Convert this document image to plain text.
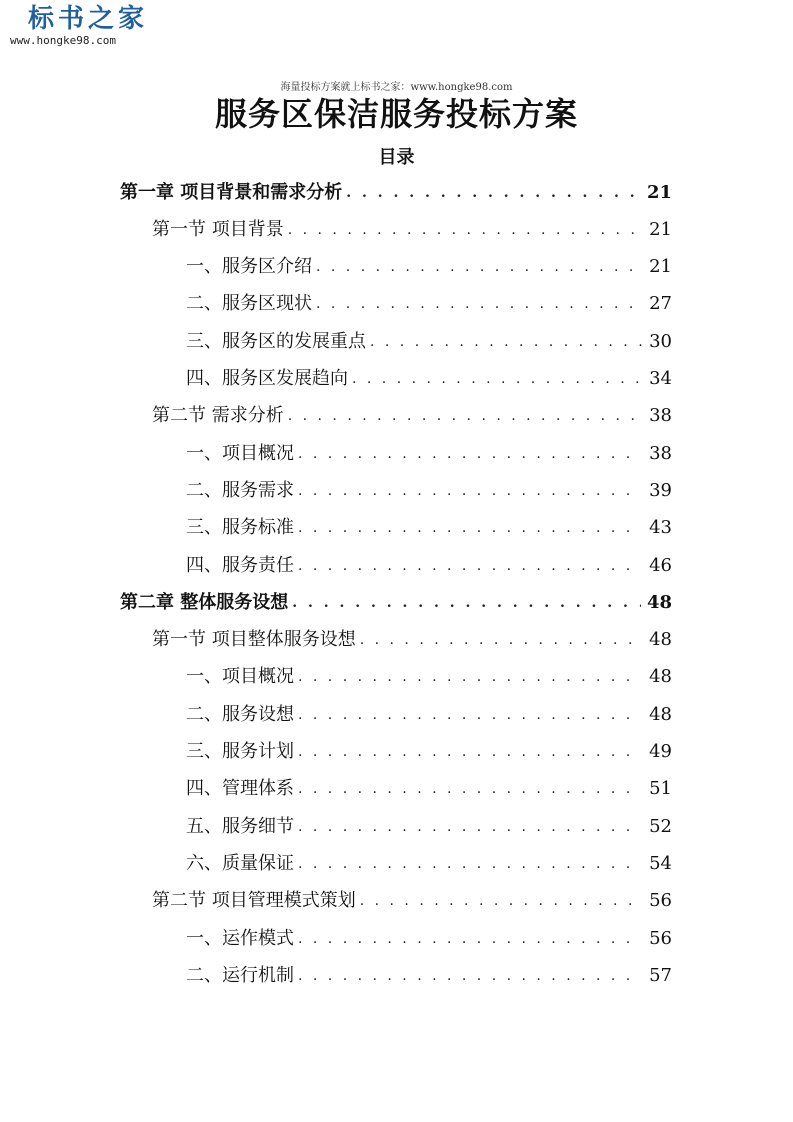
标书之家
www.hongke98.com
海量投标方案就上标书之家：www.hongke98.com
服务区保洁服务投标方案
目录
第一章 项目背景和需求分析 . . .	21
第一节 项目背景 . . .	21
一、服务区介绍 . . .	21
二、服务区现状 . . .	27
三、服务区的发展重点 . . .	30
四、服务区发展趋向 . . .	34
第二节 需求分析 . . .	38
一、项目概况 . . .	38
二、服务需求 . . .	39
三、服务标准 . . .	43
四、服务责任 . . .	46
第二章 整体服务设想 . . .	48
第一节 项目整体服务设想 . . .	48
一、项目概况 . . .	48
二、服务设想 . . .	48
三、服务计划 . . .	49
四、管理体系 . . .	51
五、服务细节 . . .	52
六、质量保证 . . .	54
第二节 项目管理模式策划 . . .	56
一、运作模式 . . .	56
二、运行机制 . . .	57
